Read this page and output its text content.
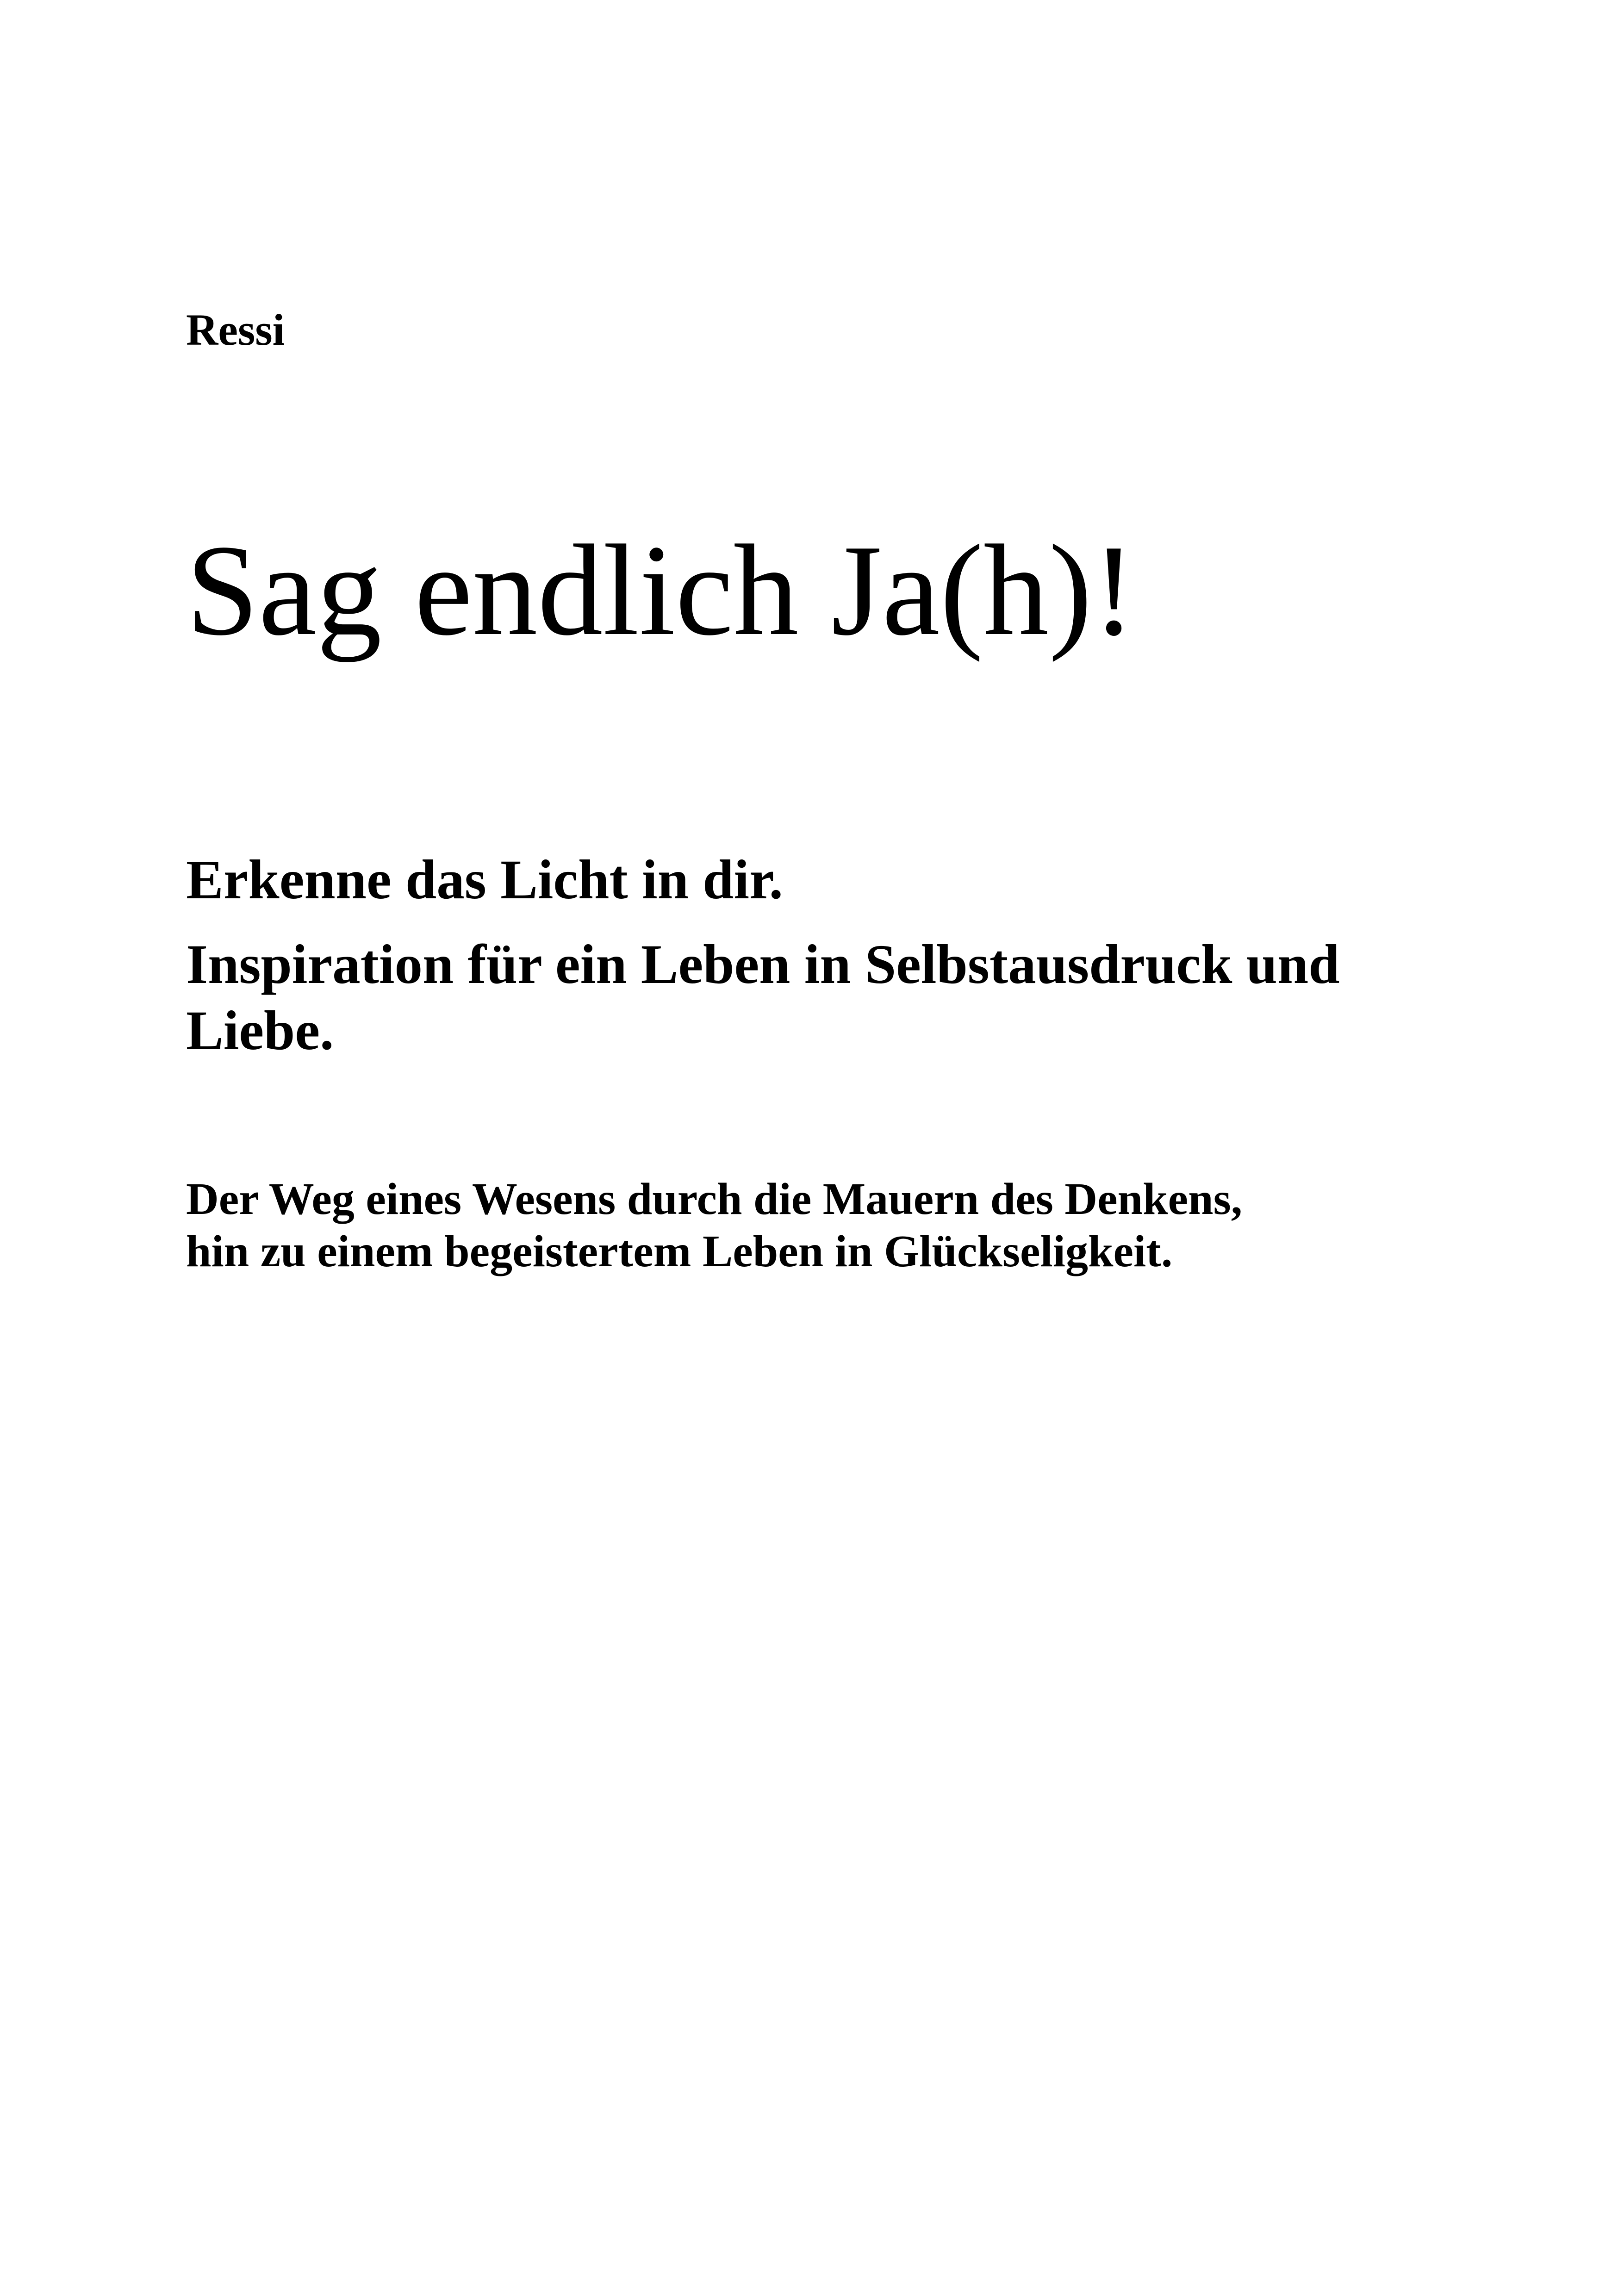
Ressi

Sag endlich Ja(h)!

Erkenne das Licht in dir.

Inspiration für ein Leben in Selbstausdruck und Liebe.

Der Weg eines Wesens durch die Mauern des Denkens,
hin zu einem begeistertem Leben in Glückseligkeit.
